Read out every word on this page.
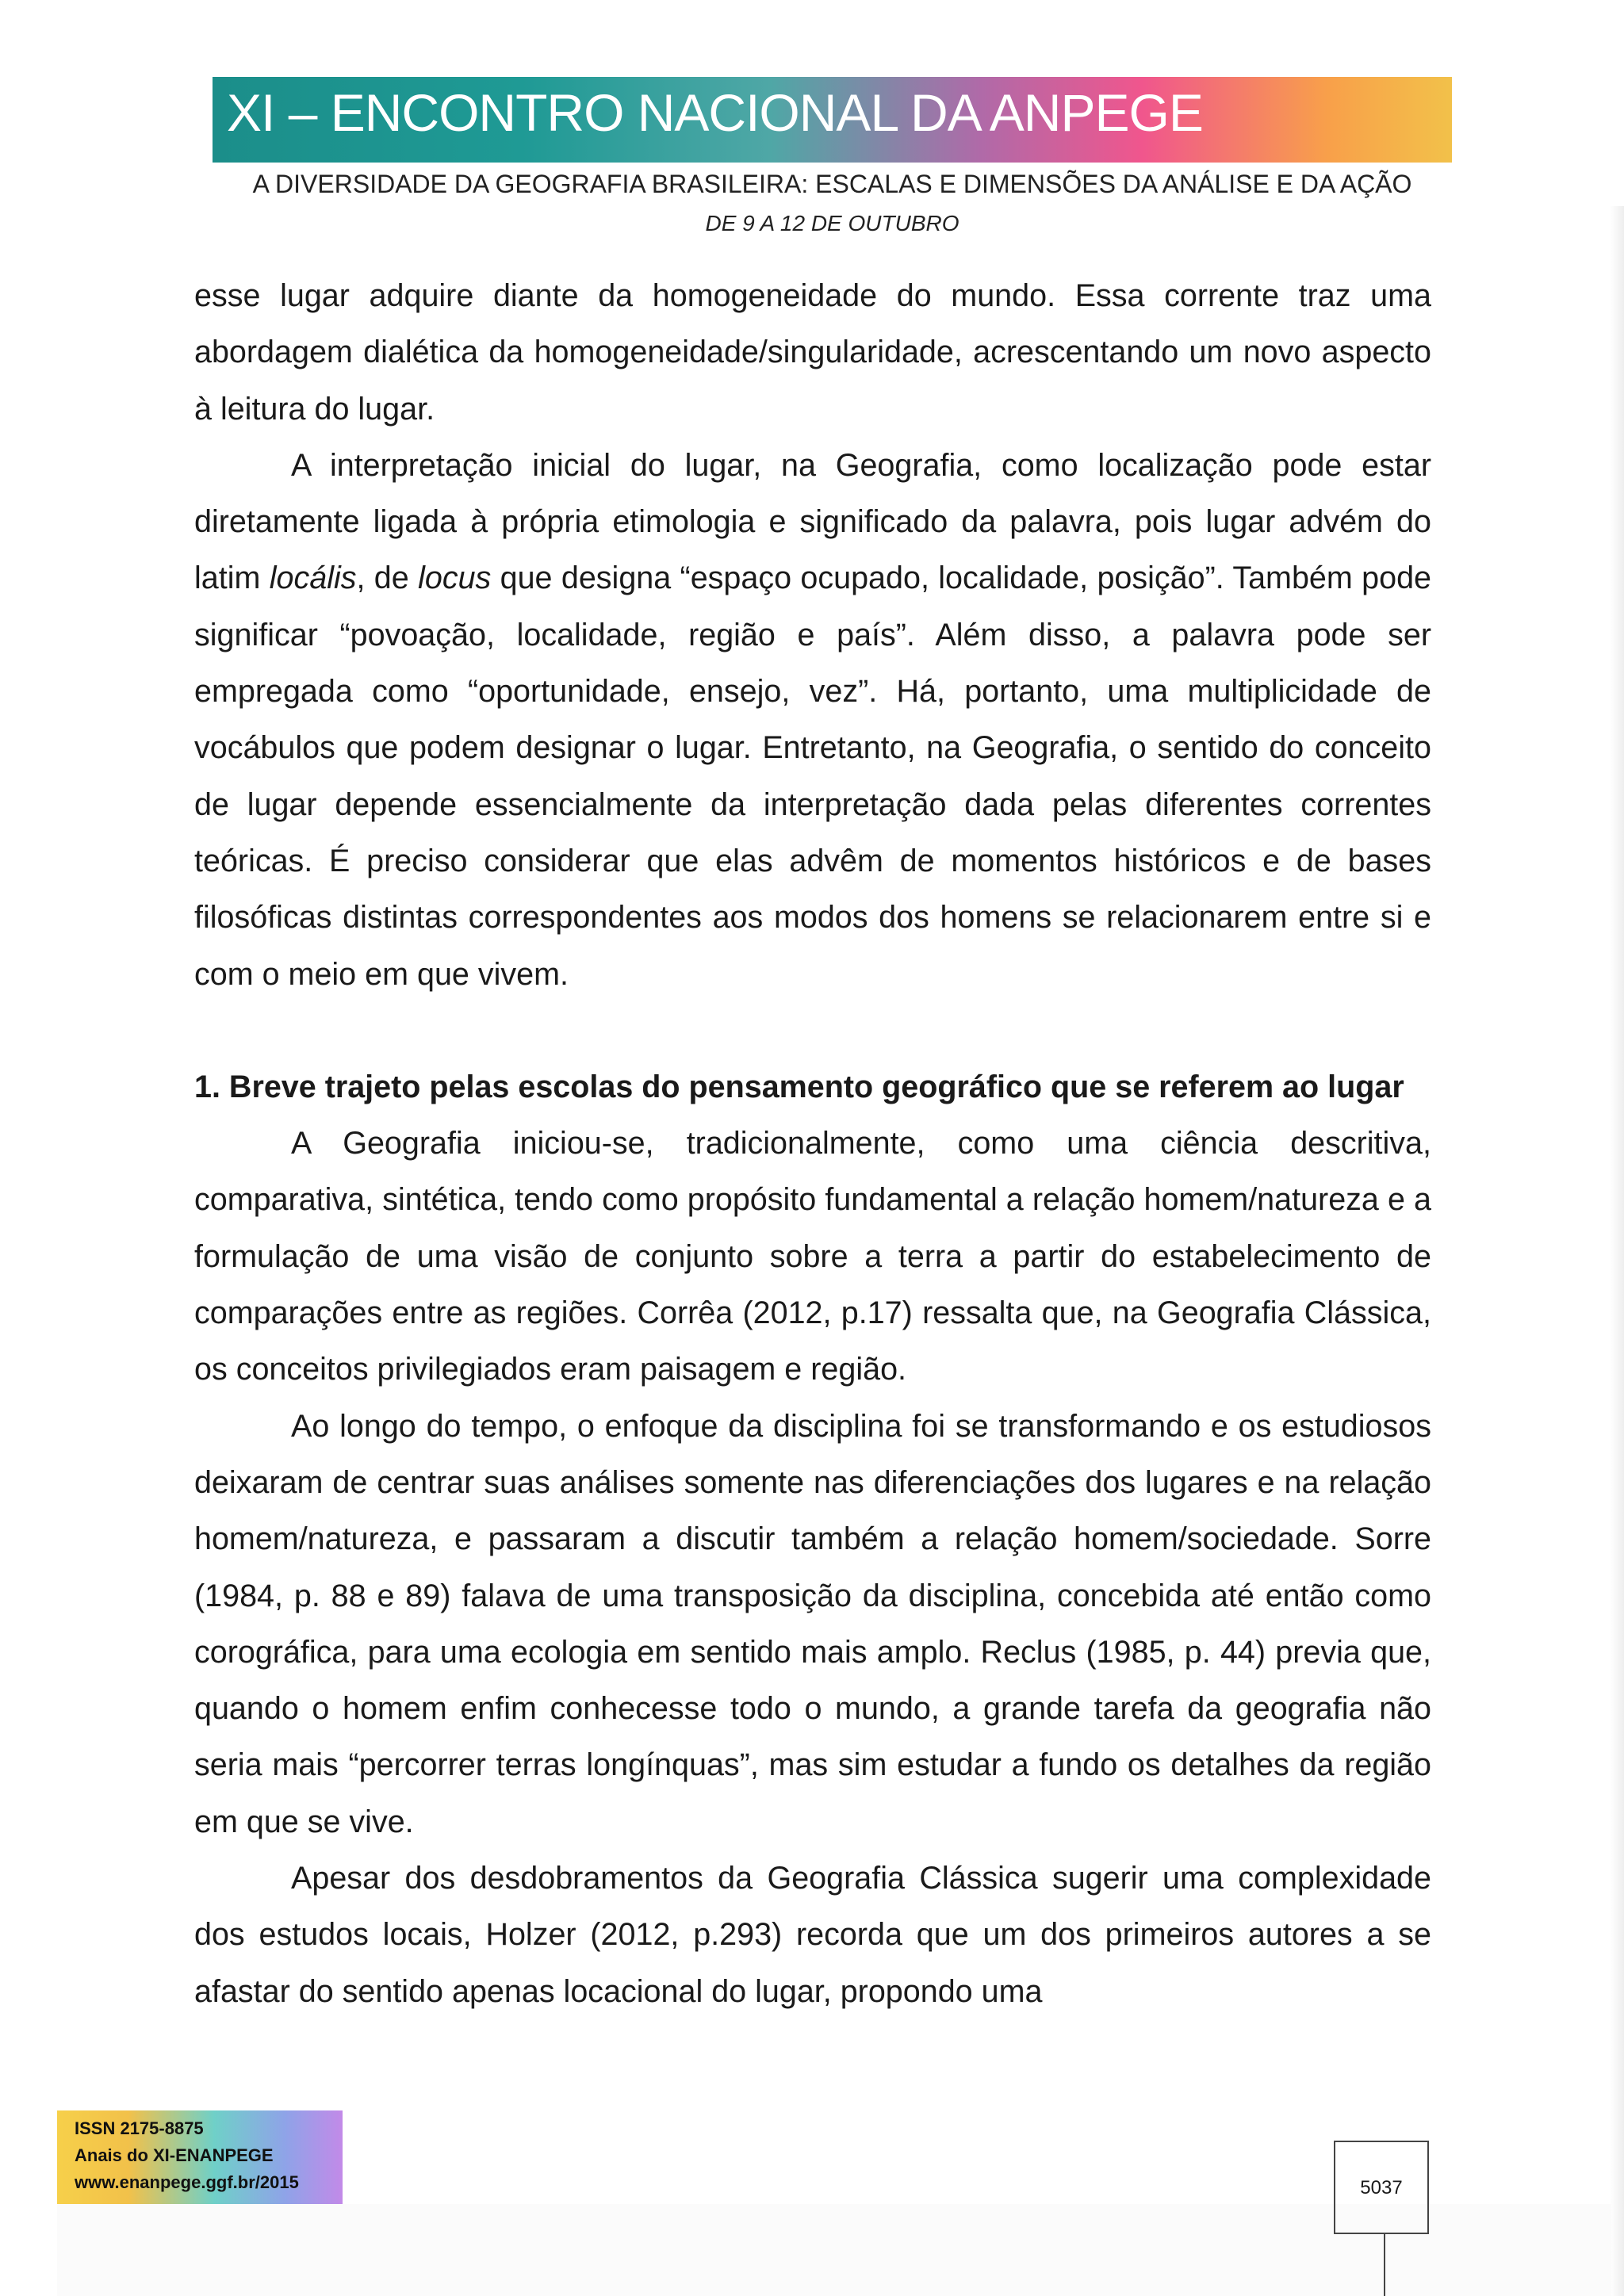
XI – ENCONTRO NACIONAL DA ANPEGE
A DIVERSIDADE DA GEOGRAFIA BRASILEIRA: ESCALAS E DIMENSÕES DA ANÁLISE E DA AÇÃO
DE 9 A 12 DE OUTUBRO

esse lugar adquire diante da homogeneidade do mundo. Essa corrente traz uma abordagem dialética da homogeneidade/singularidade, acrescentando um novo aspecto à leitura do lugar.

A interpretação inicial do lugar, na Geografia, como localização pode estar diretamente ligada à própria etimologia e significado da palavra, pois lugar advém do latim locális, de locus que designa “espaço ocupado, localidade, posição”. Também pode significar “povoação, localidade, região e país”. Além disso, a palavra pode ser empregada como “oportunidade, ensejo, vez”. Há, portanto, uma multiplicidade de vocábulos que podem designar o lugar. Entretanto, na Geografia, o sentido do conceito de lugar depende essencialmente da interpretação dada pelas diferentes correntes teóricas. É preciso considerar que elas advêm de momentos históricos e de bases filosóficas distintas correspondentes aos modos dos homens se relacionarem entre si e com o meio em que vivem.

1. Breve trajeto pelas escolas do pensamento geográfico que se referem ao lugar

A Geografia iniciou-se, tradicionalmente, como uma ciência descritiva, comparativa, sintética, tendo como propósito fundamental a relação homem/natureza e a formulação de uma visão de conjunto sobre a terra a partir do estabelecimento de comparações entre as regiões. Corrêa (2012, p.17) ressalta que, na Geografia Clássica, os conceitos privilegiados eram paisagem e região.

Ao longo do tempo, o enfoque da disciplina foi se transformando e os estudiosos deixaram de centrar suas análises somente nas diferenciações dos lugares e na relação homem/natureza, e passaram a discutir também a relação homem/sociedade. Sorre (1984, p. 88 e 89) falava de uma transposição da disciplina, concebida até então como corográfica, para uma ecologia em sentido mais amplo. Reclus (1985, p. 44) previa que, quando o homem enfim conhecesse todo o mundo, a grande tarefa da geografia não seria mais “percorrer terras longínquas”, mas sim estudar a fundo os detalhes da região em que se vive.

Apesar dos desdobramentos da Geografia Clássica sugerir uma complexidade dos estudos locais, Holzer (2012, p.293) recorda que um dos primeiros autores a se afastar do sentido apenas locacional do lugar, propondo uma

ISSN 2175-8875
Anais do XI-ENANPEGE
www.enanpege.ggf.br/2015	5037
